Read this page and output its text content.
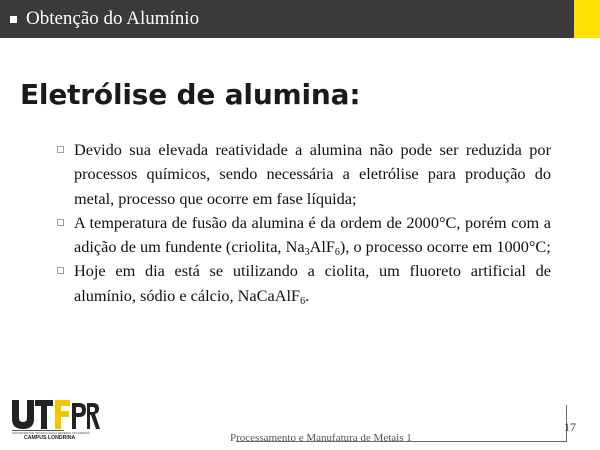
Obtenção do Alumínio
Eletrólise de alumina:
Devido sua elevada reatividade a alumina não pode ser reduzida por processos químicos, sendo necessária a eletrólise para produção do metal, processo que ocorre em fase líquida;
A temperatura de fusão da alumina é da ordem de 2000°C, porém com a adição de um fundente (criolita, $Na_3AlF_6$), o processo ocorre em 1000°C;
Hoje em dia está se utilizando a ciolita, um fluoreto artificial de alumínio, sódio e cálcio, NaCaAlF$_6$.
UNIVERSIDADE TECNOLÓGICA FEDERAL DO PARANÁ
CAMPUS LONDRINA	Processamento e Manufatura de Metais 1
17
